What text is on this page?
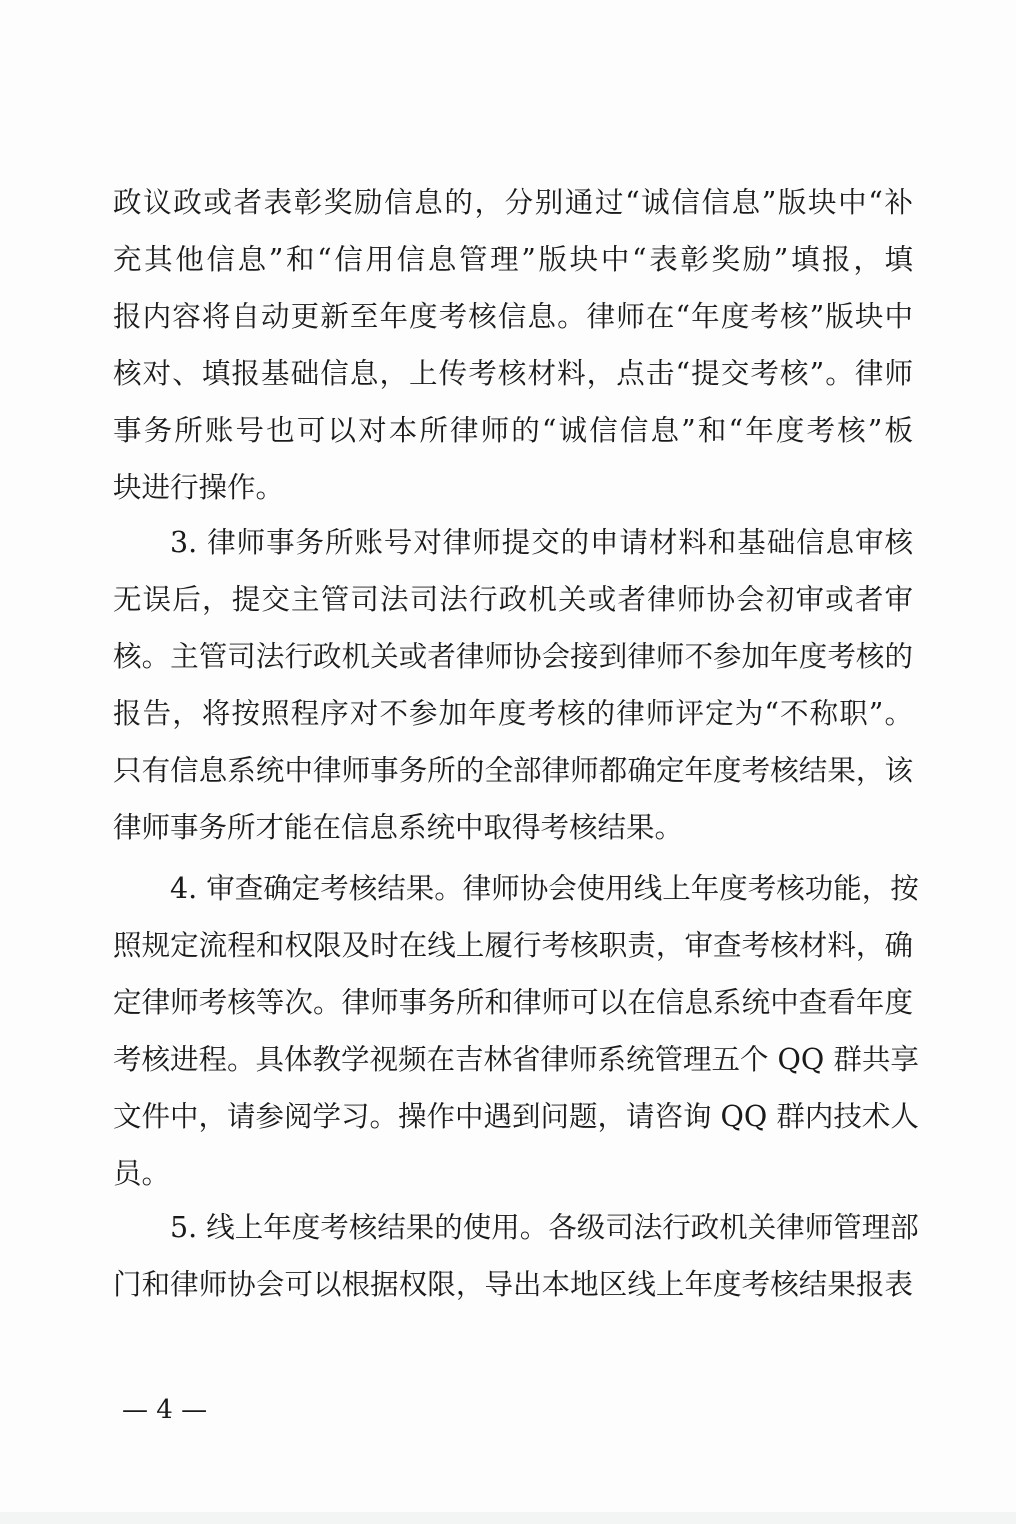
政议政或者表彰奖励信息的，分别通过“诚信信息”版块中“补
充其他信息”和“信用信息管理”版块中“表彰奖励”填报，填
报内容将自动更新至年度考核信息。律师在“年度考核”版块中
核对、填报基础信息，上传考核材料，点击“提交考核”。律师
事务所账号也可以对本所律师的“诚信信息”和“年度考核”板
块进行操作。
3. 律师事务所账号对律师提交的申请材料和基础信息审核
无误后，提交主管司法司法行政机关或者律师协会初审或者审
核。主管司法行政机关或者律师协会接到律师不参加年度考核的
报告，将按照程序对不参加年度考核的律师评定为“不称职”。
只有信息系统中律师事务所的全部律师都确定年度考核结果，该
律师事务所才能在信息系统中取得考核结果。
4. 审查确定考核结果。律师协会使用线上年度考核功能，按
照规定流程和权限及时在线上履行考核职责，审查考核材料，确
定律师考核等次。律师事务所和律师可以在信息系统中查看年度
考核进程。具体教学视频在吉林省律师系统管理五个 QQ 群共享
文件中，请参阅学习。操作中遇到问题，请咨询 QQ 群内技术人
员。
5. 线上年度考核结果的使用。各级司法行政机关律师管理部
门和律师协会可以根据权限，导出本地区线上年度考核结果报表
— 4 —
